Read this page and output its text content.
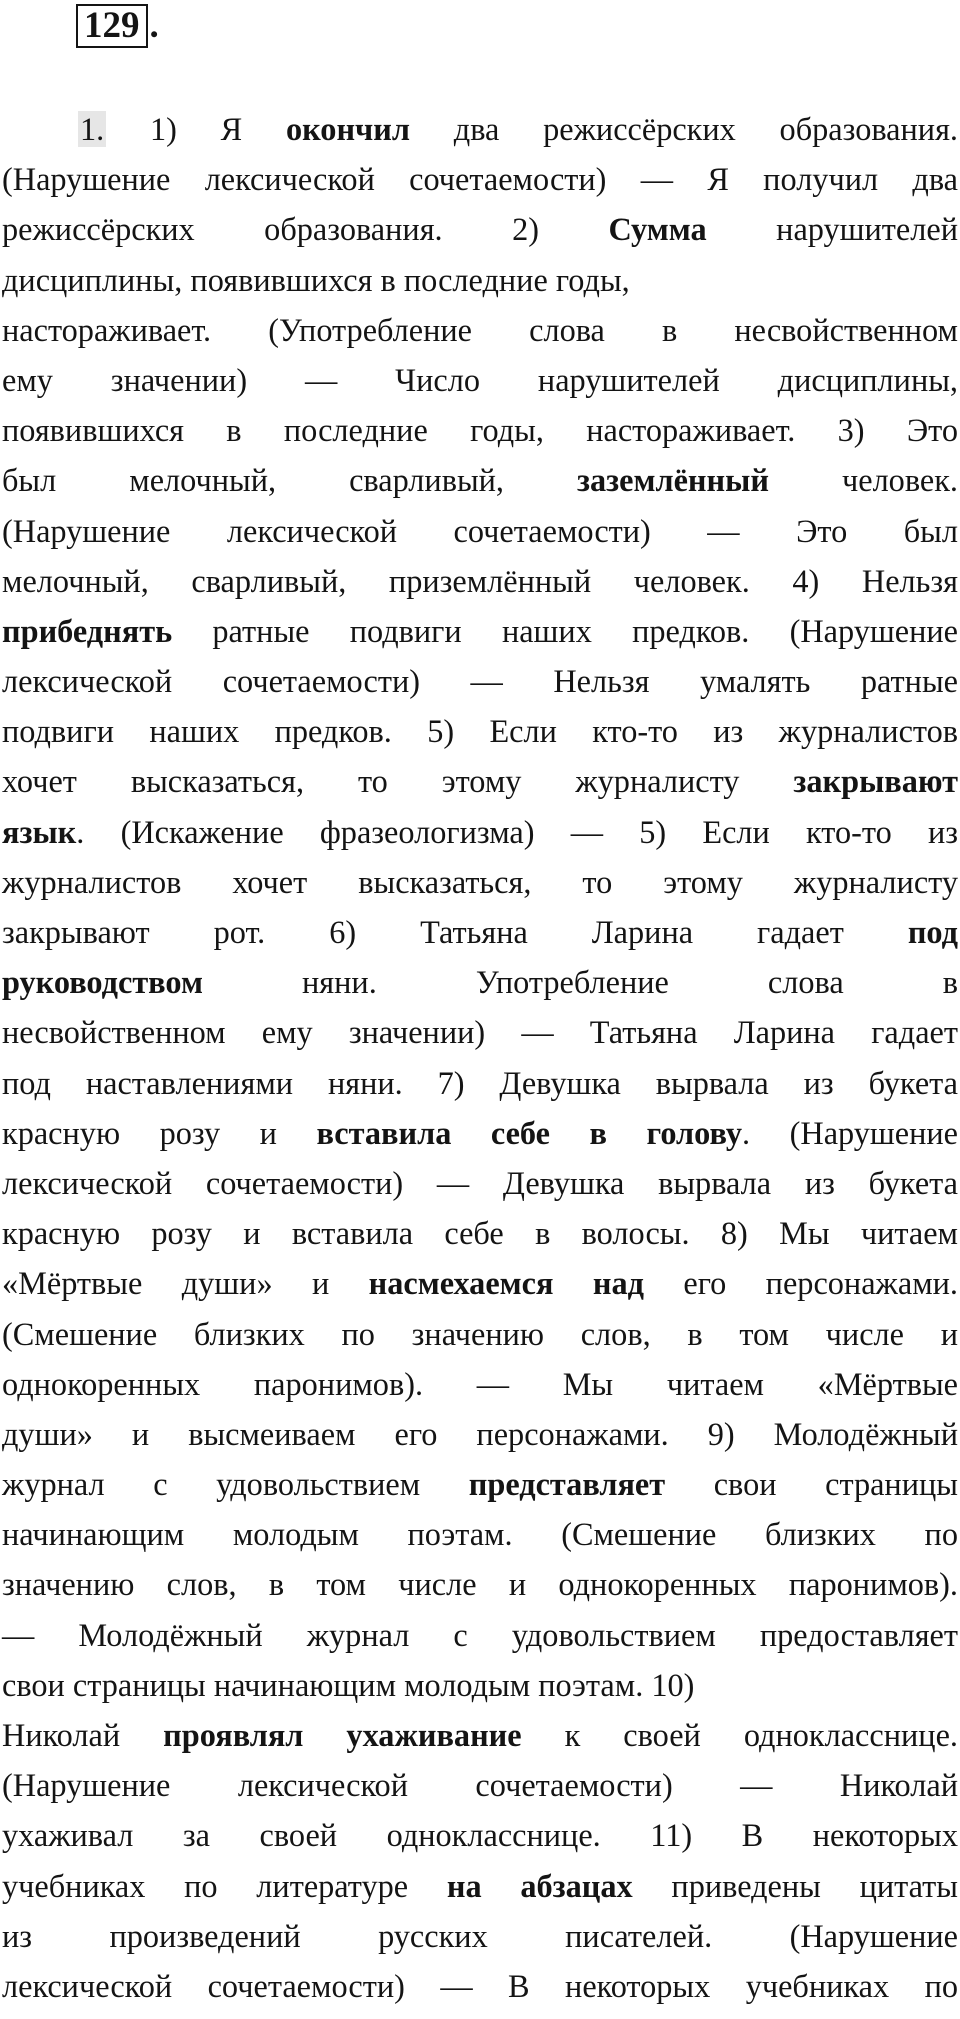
129 .
1. 1) Я окончил два режиссёрских образования.
(Нарушение лексической сочетаемости) — Я получил два
режиссёрских образования. 2) Сумма нарушителей
дисциплины, появившихся в последние годы,
настораживает. (Употребление слова в несвойственном
ему значении) — Число нарушителей дисциплины,
появившихся в последние годы, настораживает. 3) Это
был мелочный, сварливый, заземлённый человек.
(Нарушение лексической сочетаемости) — Это был
мелочный, сварливый, приземлённый человек. 4) Нельзя
прибеднять ратные подвиги наших предков. (Нарушение
лексической сочетаемости) — Нельзя умалять ратные
подвиги наших предков. 5) Если кто-то из журналистов
хочет высказаться, то этому журналисту закрывают
язык. (Искажение фразеологизма) — 5) Если кто-то из
журналистов хочет высказаться, то этому журналисту
закрывают рот. 6) Татьяна Ларина гадает под
руководством няни. Употребление слова в
несвойственном ему значении) — Татьяна Ларина гадает
под наставлениями няни. 7) Девушка вырвала из букета
красную розу и вставила себе в голову. (Нарушение
лексической сочетаемости) — Девушка вырвала из букета
красную розу и вставила себе в волосы. 8) Мы читаем
«Мёртвые души» и насмехаемся над его персонажами.
(Смешение близких по значению слов, в том числе и
однокоренных паронимов). — Мы читаем «Мёртвые
души» и высмеиваем его персонажами. 9) Молодёжный
журнал с удовольствием представляет свои страницы
начинающим молодым поэтам. (Смешение близких по
значению слов, в том числе и однокоренных паронимов).
— Молодёжный журнал с удовольствием предоставляет
свои страницы начинающим молодым поэтам. 10)
Николай проявлял ухаживание к своей однокласснице.
(Нарушение лексической сочетаемости) — Николай
ухаживал за своей однокласснице. 11) В некоторых
учебниках по литературе на абзацах приведены цитаты
из произведений русских писателей. (Нарушение
лексической сочетаемости) — В некоторых учебниках по
